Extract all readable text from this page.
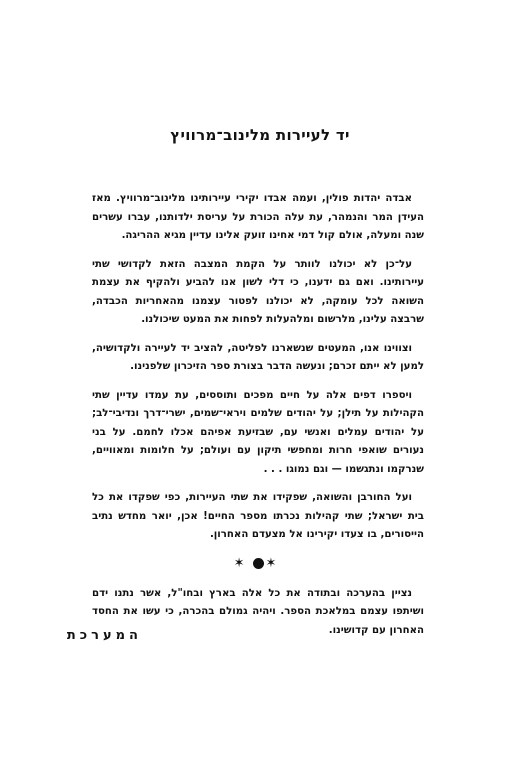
יד לעיירות מלינוב־מרוויץ

אבדה יהדות פולין, ועמה אבדו יקירי עיירותינו מלינוב־מרוויץ. מאז העידן המר והנמהר, עת עלה הכורת על עריסת ילדותנו, עברו עשרים שנה ומעלה, אולם קול דמי אחינו זועק אלינו עדיין מגיא ההריגה.

על־כן לא יכולנו לוותר על הקמת המצבה הזאת לקדושי שתי עיירותינו. ואם גם ידענו, כי דלי לשון אנו להביע ולהקיף את עצמת השואה לכל עומקה, לא יכולנו לפטור עצמנו מהאחריות הכבדה, שרבצה עלינו, מלרשום ומלהעלות לפחות את המעט שיכולנו.

וצווינו אנו, המעטים שנשארנו לפליטה, להציב יד לעיירה ולקדושיה, למען לא ייתם זכרם; ונעשה הדבר בצורת ספר הזיכרון שלפנינו.

ויספרו דפים אלה על חיים מפכים ותוססים, עת עמדו עדיין שתי הקהילות על תילן; על יהודים שלמים ויראי־שמים, ישרי־דרך ונדיבי־לב; על יהודים עמלים ואנשי עם, שבזיעת אפיהם אכלו לחמם. על בני נעורים שואפי חרות ומחפשי תיקון עם ועולם; על חלומות ומאוויים, שנרקמו ונתגשמו — וגם נמוגו . . .

ועל החורבן והשואה, שפקידו את שתי העיירות, כפי שפקדו את כל בית ישראל; שתי קהילות נכרתו מספר החיים! אכן, יואר מחדש נתיב הייסורים, בו צעדו יקירינו אל מצעדם האחרון.

✶ ✶

נציין בהערכה ובתודה את כל אלה בארץ ובחו"ל, אשר נתנו ידם ושיתפו עצמם במלאכת הספר. ויהיה גמולם בהכרה, כי עשו את החסד האחרון עם קדושינו.

המערכת
